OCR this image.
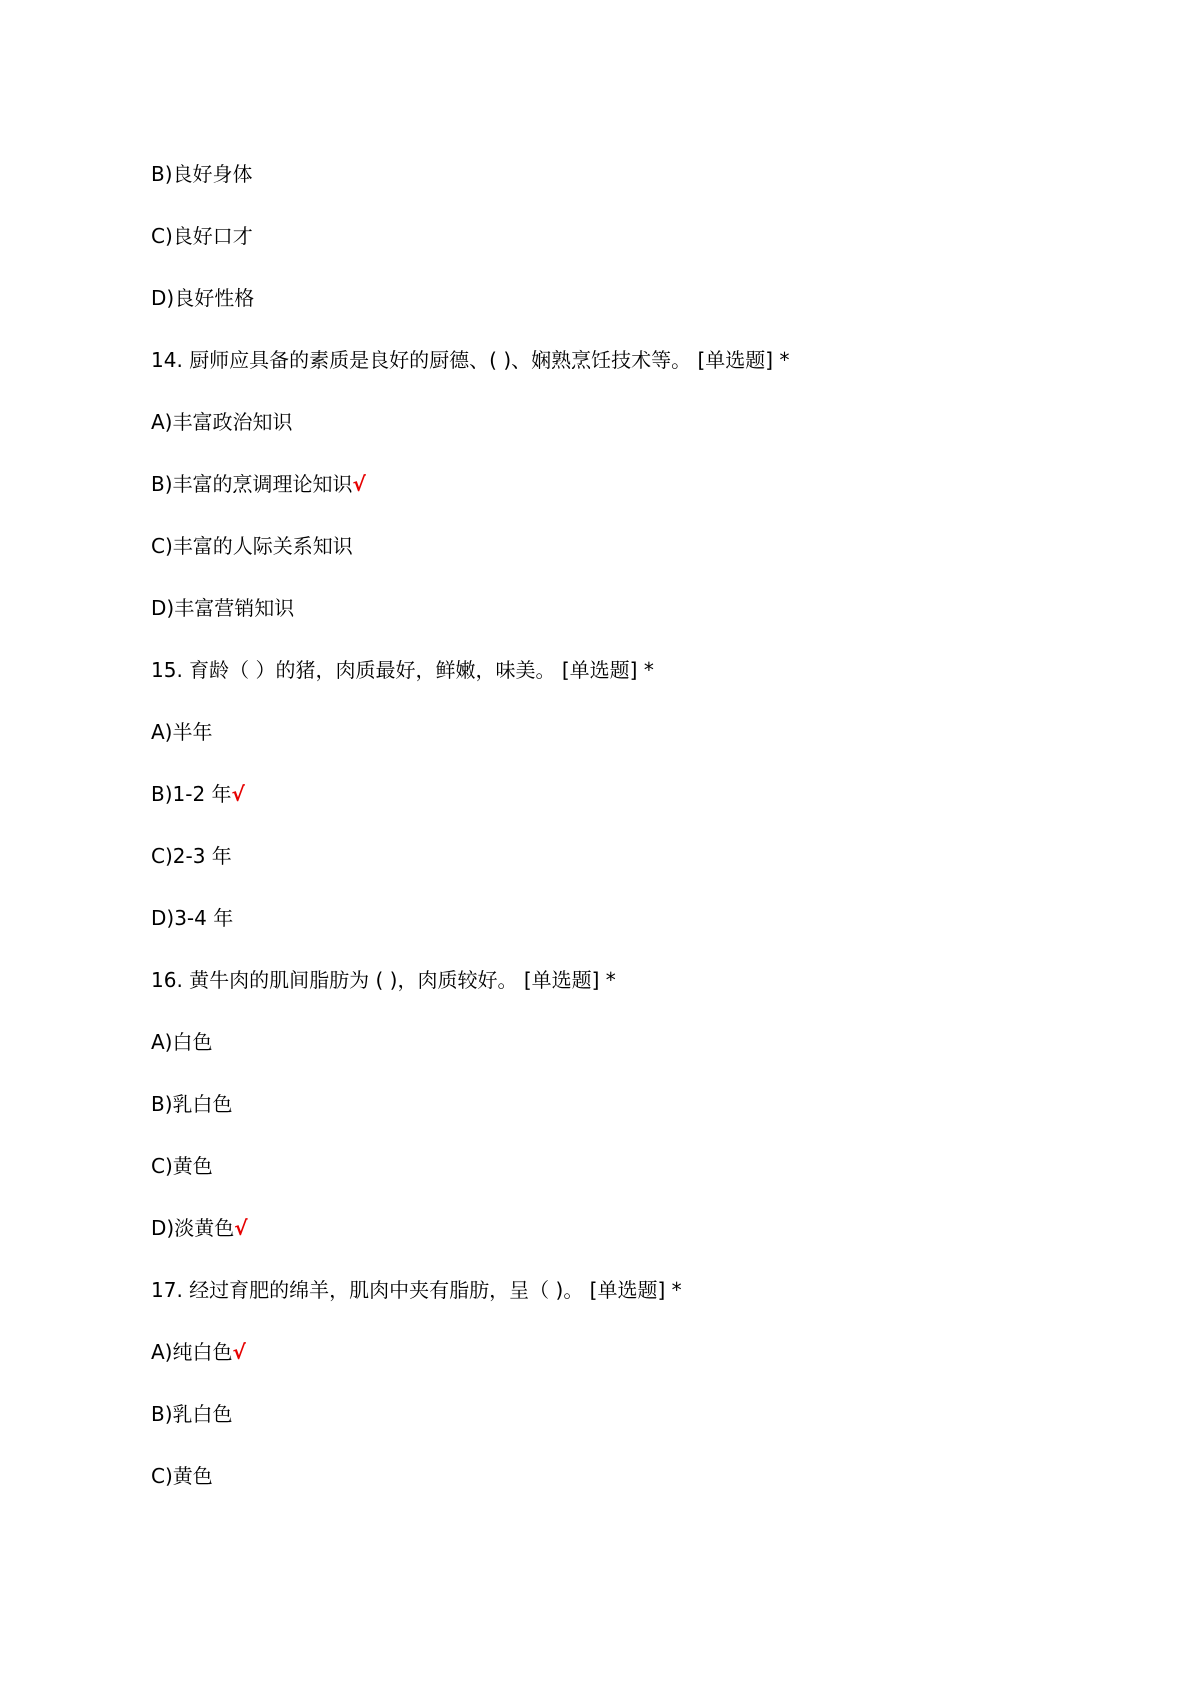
B)良好身体
C)良好口才
D)良好性格
14. 厨师应具备的素质是良好的厨德、( )、娴熟烹饪技术等。 [单选题] *
A)丰富政治知识
B)丰富的烹调理论知识√
C)丰富的人际关系知识
D)丰富营销知识
15. 育龄（ ）的猪，肉质最好，鲜嫩，味美。 [单选题] *
A)半年
B)1-2 年√
C)2-3 年
D)3-4 年
16. 黄牛肉的肌间脂肪为 ( )，肉质较好。 [单选题] *
A)白色
B)乳白色
C)黄色
D)淡黄色√
17. 经过育肥的绵羊，肌肉中夹有脂肪，呈（ )。 [单选题] *
A)纯白色√
B)乳白色
C)黄色
